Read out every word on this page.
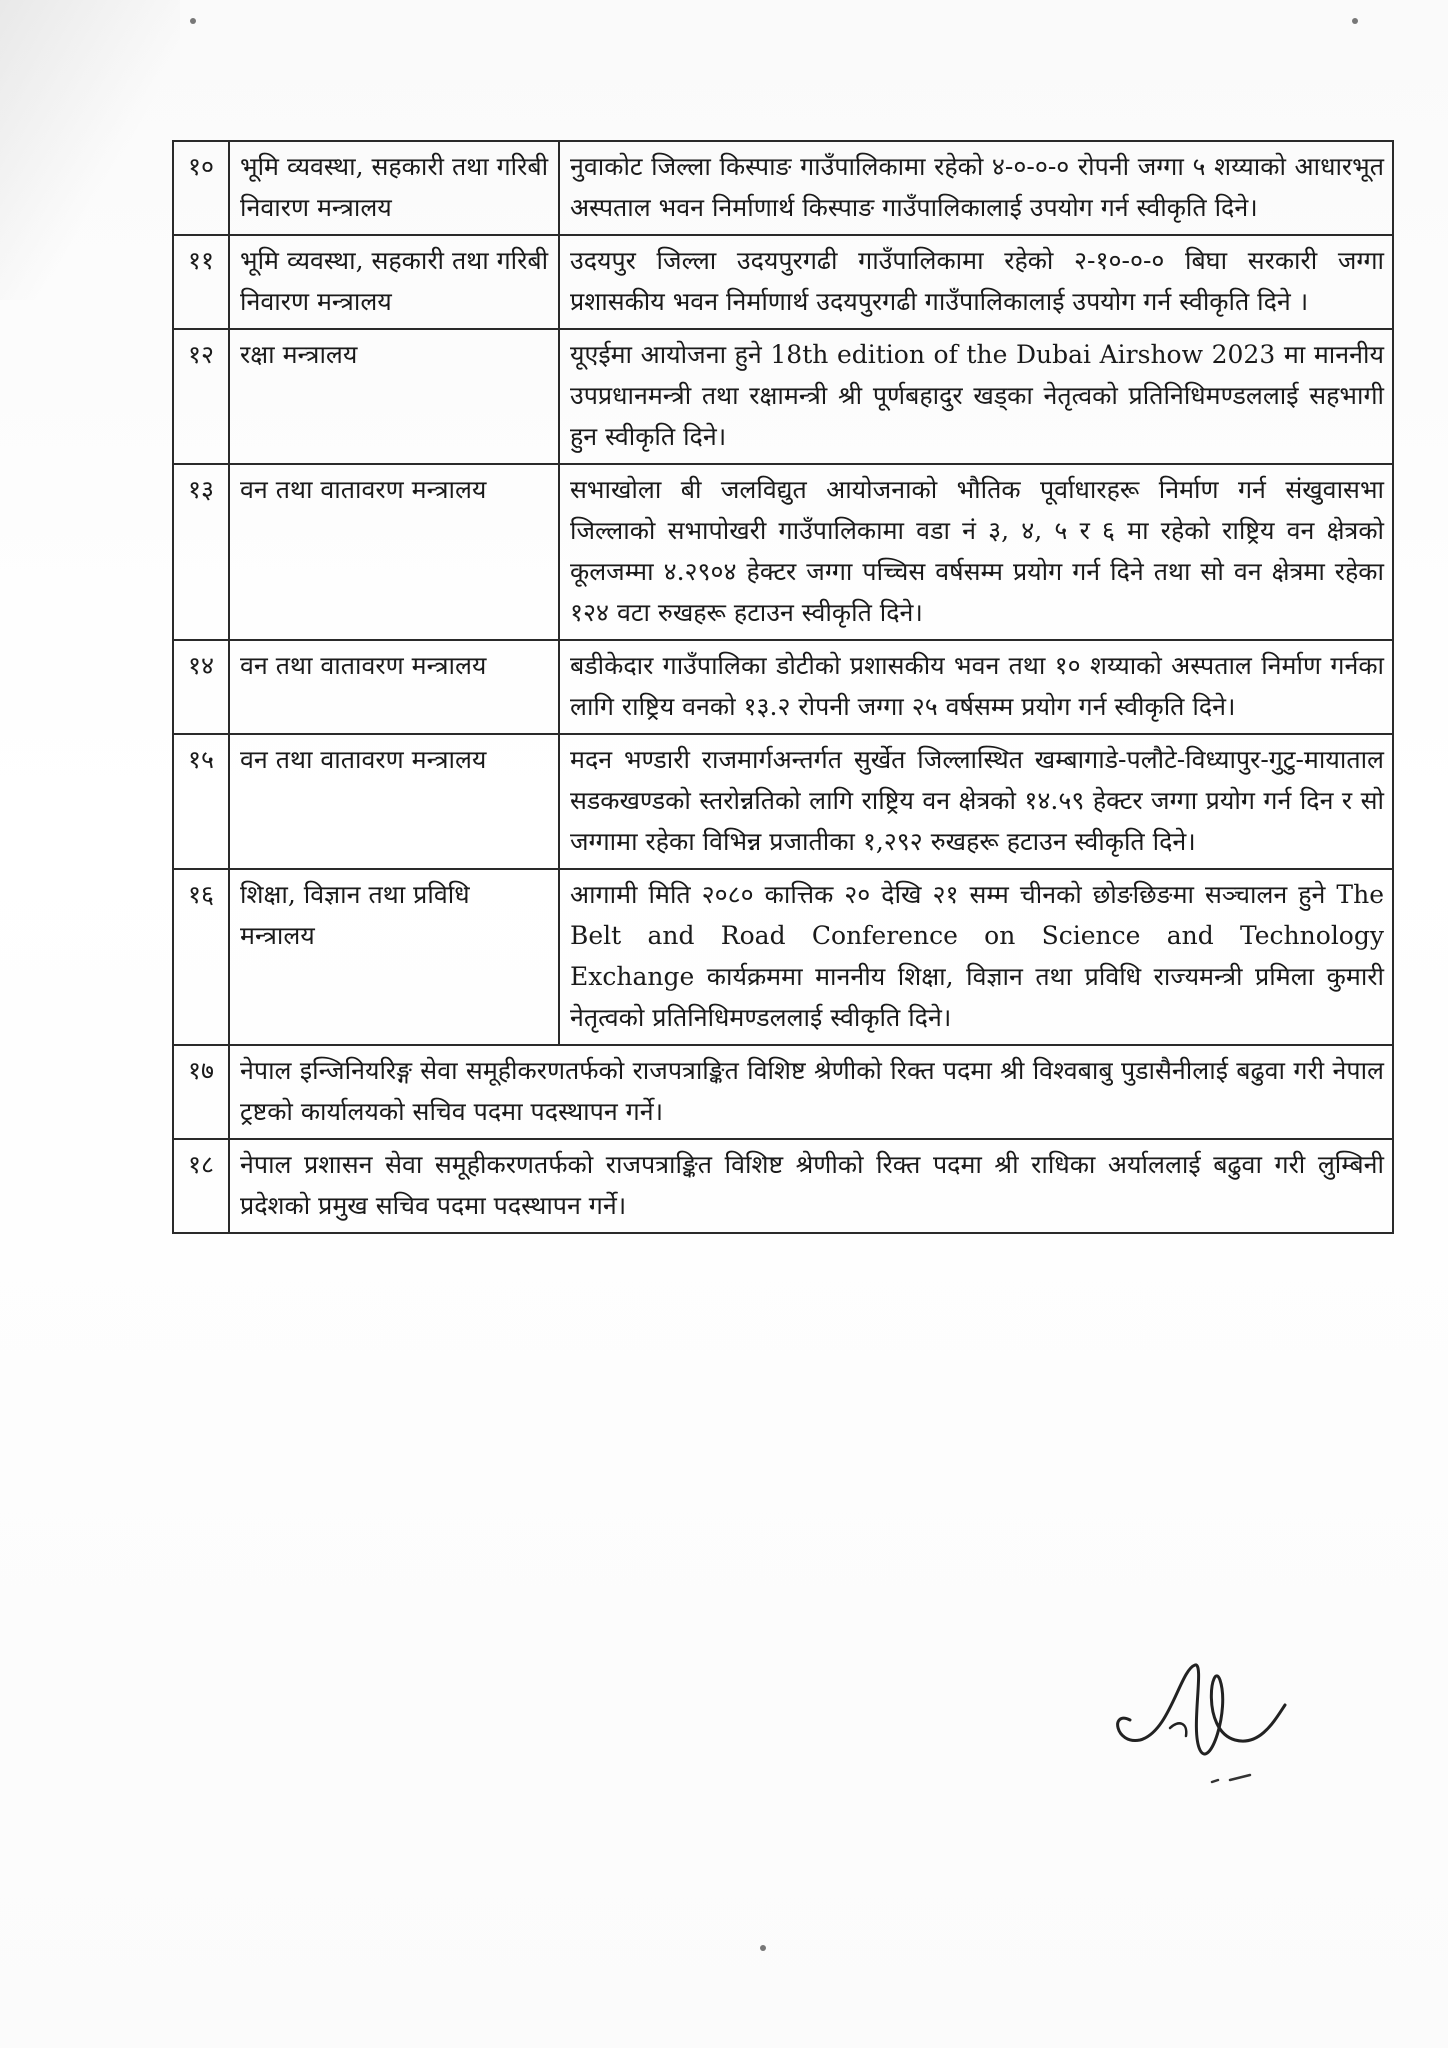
१०	भूमि व्यवस्था, सहकारी तथा गरिबी निवारण मन्त्रालय	नुवाकोट जिल्ला किस्पाङ गाउँपालिकामा रहेको ४-०-०-० रोपनी जग्गा ५ शय्याको आधारभूत अस्पताल भवन निर्माणार्थ किस्पाङ गाउँपालिकालाई उपयोग गर्न स्वीकृति दिने।
११	भूमि व्यवस्था, सहकारी तथा गरिबी निवारण मन्त्रालय	उदयपुर जिल्ला उदयपुरगढी गाउँपालिकामा रहेको २-१०-०-० बिघा सरकारी जग्गा प्रशासकीय भवन निर्माणार्थ उदयपुरगढी गाउँपालिकालाई उपयोग गर्न स्वीकृति दिने ।
१२	रक्षा मन्त्रालय	यूएईमा आयोजना हुने 18th edition of the Dubai Airshow 2023 मा माननीय उपप्रधानमन्त्री तथा रक्षामन्त्री श्री पूर्णबहादुर खड्का नेतृत्वको प्रतिनिधिमण्डललाई सहभागी हुन स्वीकृति दिने।
१३	वन तथा वातावरण मन्त्रालय	सभाखोला बी जलविद्युत आयोजनाको भौतिक पूर्वाधारहरू निर्माण गर्न संखुवासभा जिल्लाको सभापोखरी गाउँपालिकामा वडा नं ३, ४, ५ र ६ मा रहेको राष्ट्रिय वन क्षेत्रको कूलजम्मा ४.२९०४ हेक्टर जग्गा पच्चिस वर्षसम्म प्रयोग गर्न दिने तथा सो वन क्षेत्रमा रहेका १२४ वटा रुखहरू हटाउन स्वीकृति दिने।
१४	वन तथा वातावरण मन्त्रालय	बडीकेदार गाउँपालिका डोटीको प्रशासकीय भवन तथा १० शय्याको अस्पताल निर्माण गर्नका लागि राष्ट्रिय वनको १३.२ रोपनी जग्गा २५ वर्षसम्म प्रयोग गर्न स्वीकृति दिने।
१५	वन तथा वातावरण मन्त्रालय	मदन भण्डारी राजमार्गअन्तर्गत सुर्खेत जिल्लास्थित खम्बागाडे-पलौटे-विध्यापुर-गुटु-मायाताल सडकखण्डको स्तरोन्नतिको लागि राष्ट्रिय वन क्षेत्रको १४.५९ हेक्टर जग्गा प्रयोग गर्न दिन र सो जग्गामा रहेका विभिन्न प्रजातीका १,२९२ रुखहरू हटाउन स्वीकृति दिने।
१६	शिक्षा, विज्ञान तथा प्रविधि मन्त्रालय	आगामी मिति २०८० कात्तिक २० देखि २१ सम्म चीनको छोङछिङमा सञ्चालन हुने The Belt and Road Conference on Science and Technology Exchange कार्यक्रममा माननीय शिक्षा, विज्ञान तथा प्रविधि राज्यमन्त्री प्रमिला कुमारी नेतृत्वको प्रतिनिधिमण्डललाई स्वीकृति दिने।
१७	नेपाल इन्जिनियरिङ्ग सेवा समूहीकरणतर्फको राजपत्राङ्कित विशिष्ट श्रेणीको रिक्त पदमा श्री विश्वबाबु पुडासैनीलाई बढुवा गरी नेपाल ट्रष्टको कार्यालयको सचिव पदमा पदस्थापन गर्ने।	
१८	नेपाल प्रशासन सेवा समूहीकरणतर्फको राजपत्राङ्कित विशिष्ट श्रेणीको रिक्त पदमा श्री राधिका अर्याललाई बढुवा गरी लुम्बिनी प्रदेशको प्रमुख सचिव पदमा पदस्थापन गर्ने।	
